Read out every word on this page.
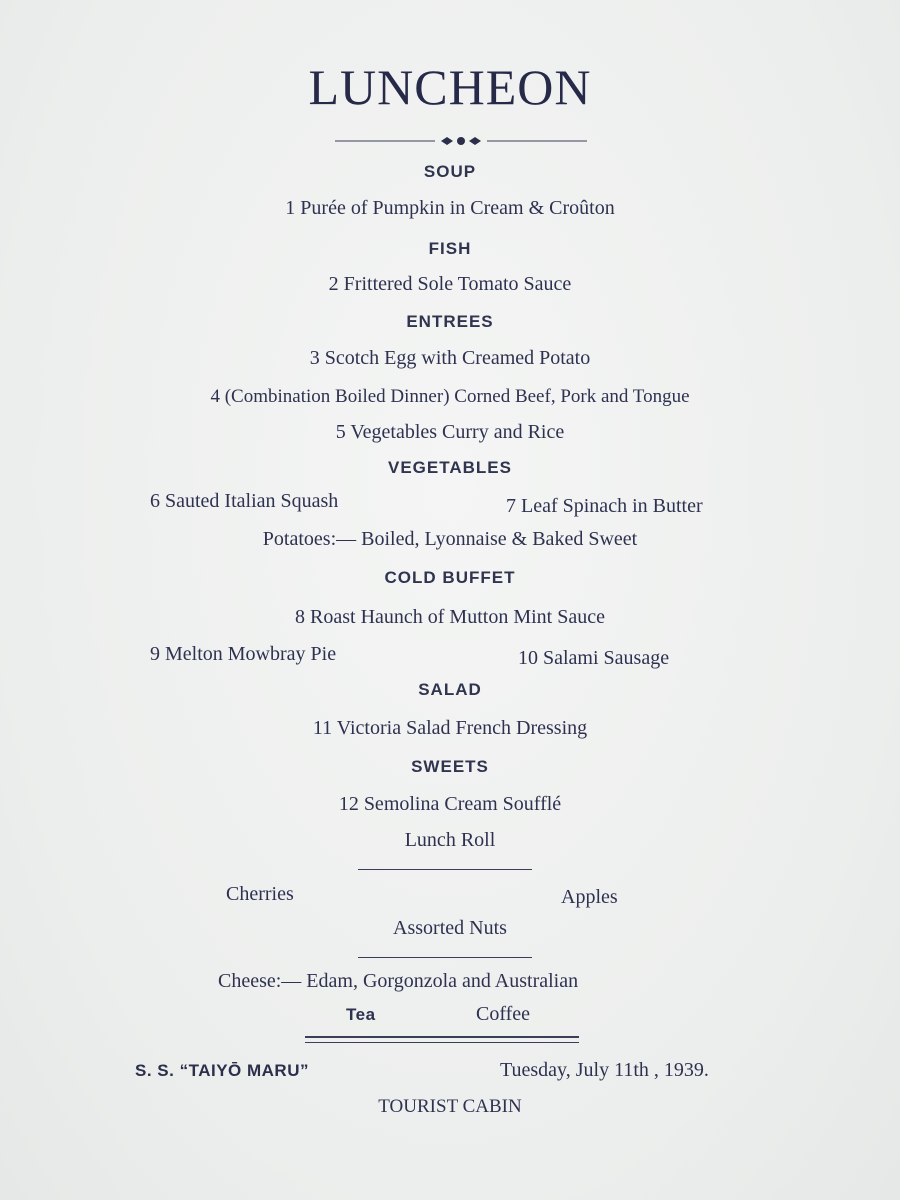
LUNCHEON
SOUP
1 Purée of Pumpkin in Cream & Croûton
FISH
2 Frittered Sole Tomato Sauce
ENTREES
3 Scotch Egg with Creamed Potato
4 (Combination Boiled Dinner) Corned Beef, Pork and Tongue
5 Vegetables Curry and Rice
VEGETABLES
6 Sauted Italian Squash	7 Leaf Spinach in Butter
Potatoes:— Boiled, Lyonnaise & Baked Sweet
COLD BUFFET
8 Roast Haunch of Mutton Mint Sauce
9 Melton Mowbray Pie	10 Salami Sausage
SALAD
11 Victoria Salad French Dressing
SWEETS
12 Semolina Cream Soufflé
Lunch Roll
Cherries	Apples
Assorted Nuts
Cheese:— Edam, Gorgonzola and Australian
Tea	Coffee
S. S. “TAIYŌ MARU”	Tuesday, July 11th , 1939.
TOURIST CABIN
